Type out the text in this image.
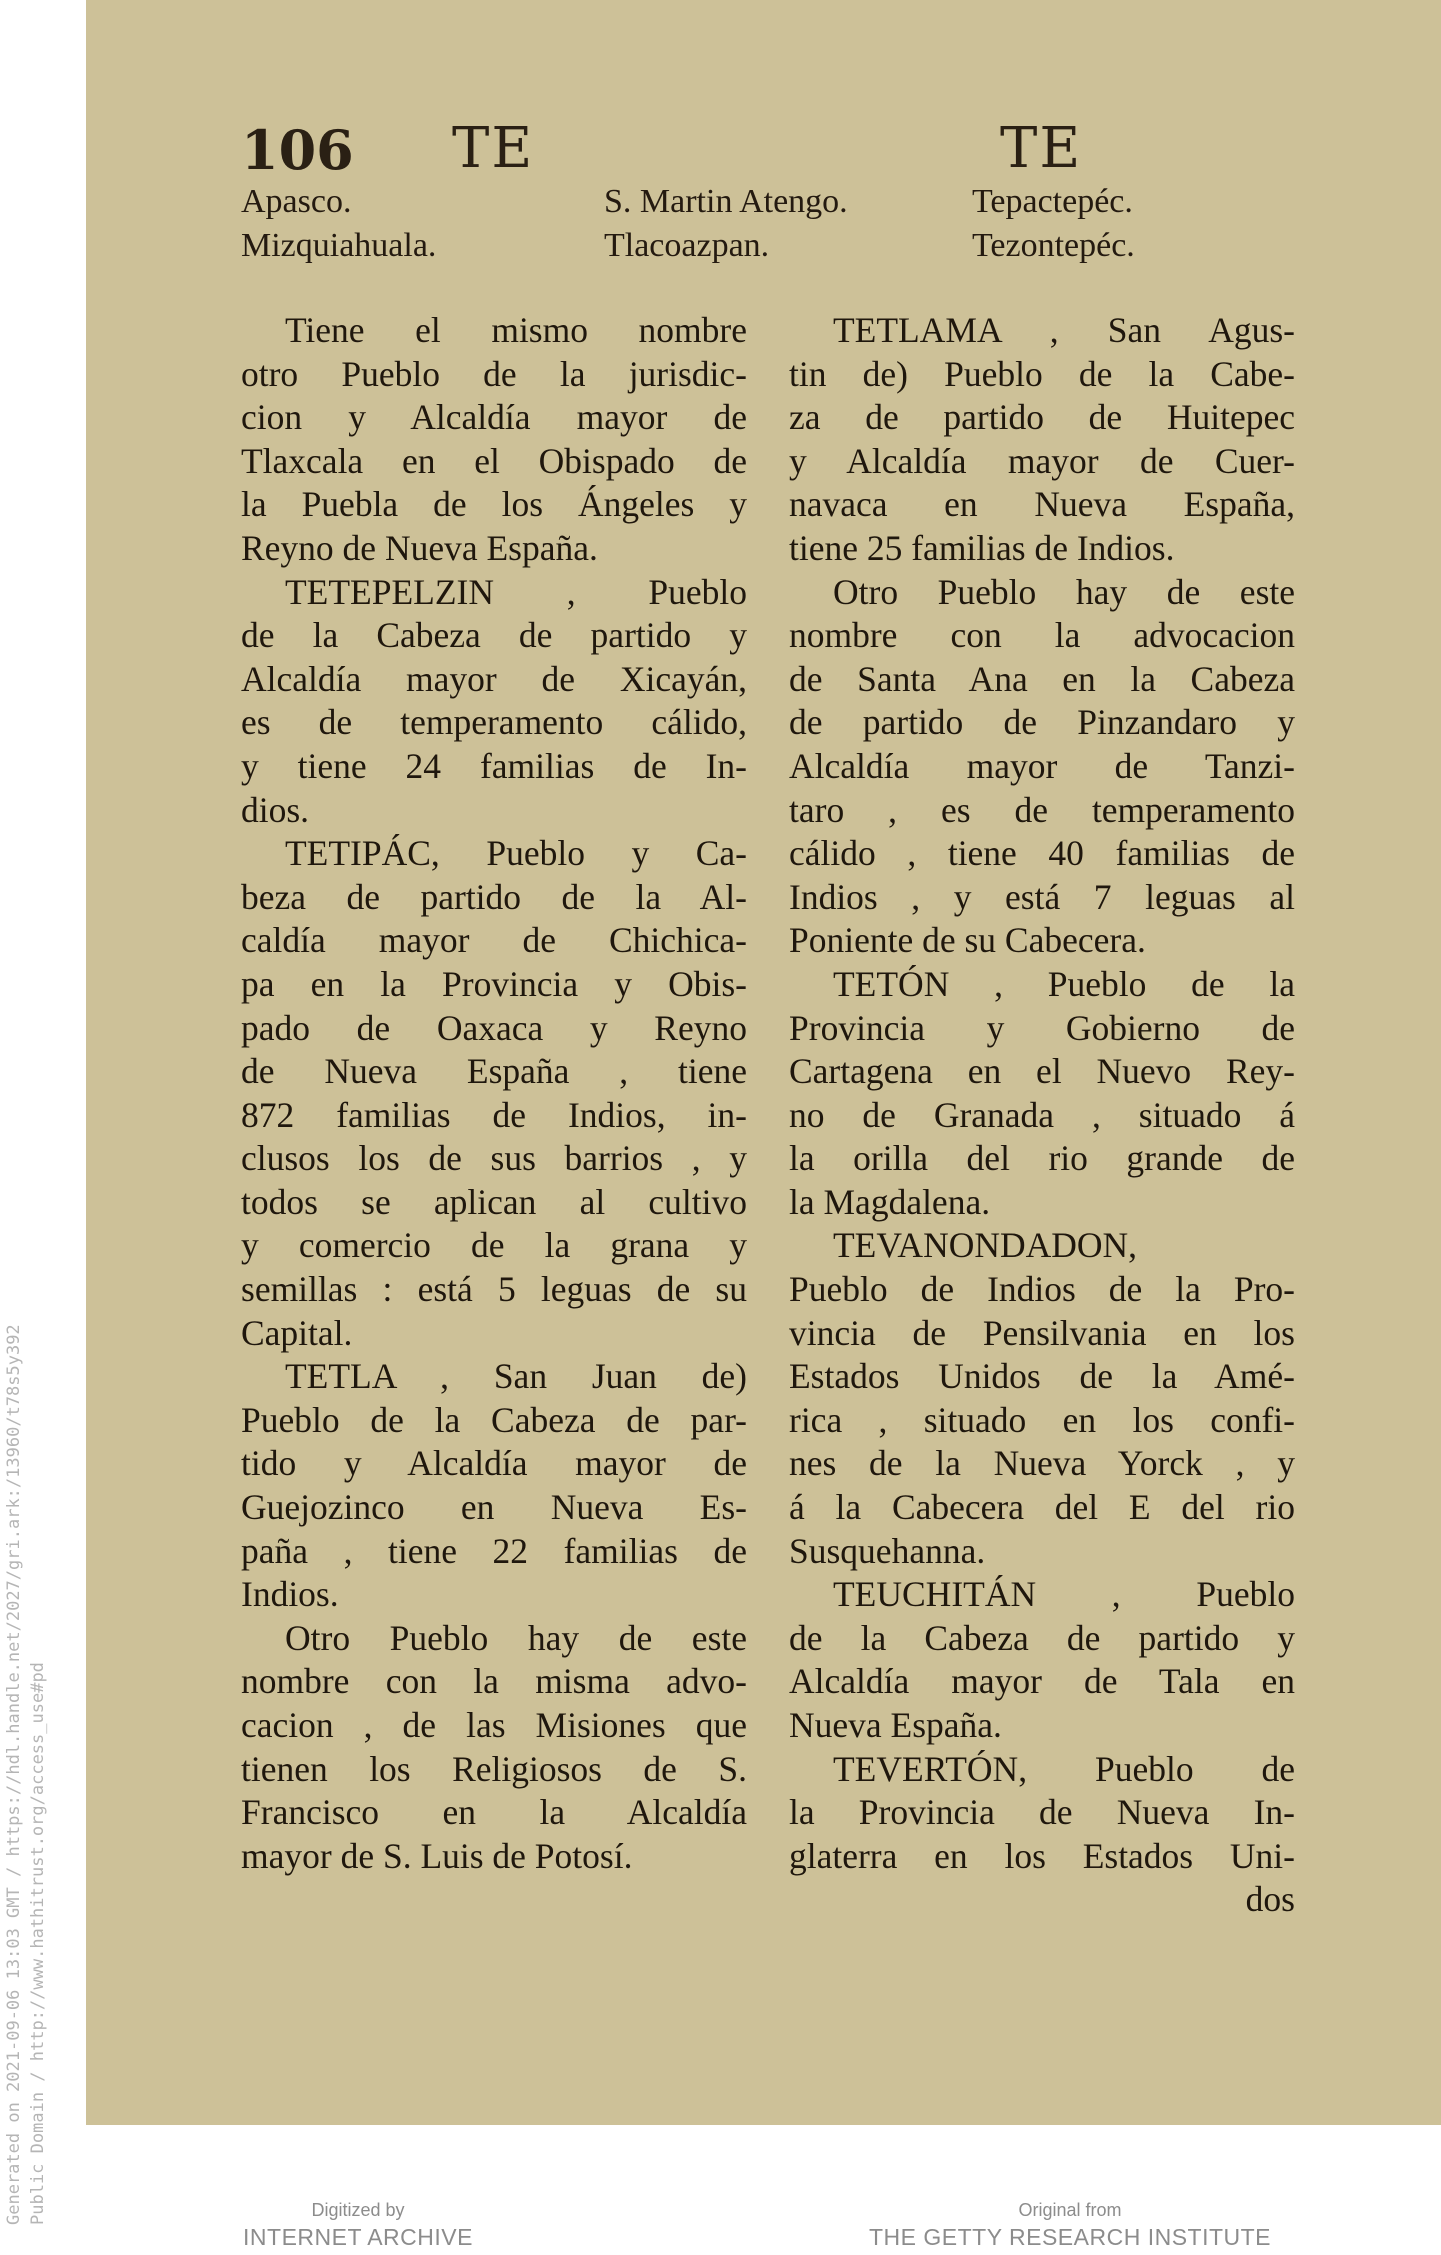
Generated on 2021-09-06 13:03 GMT / https://hdl.handle.net/2027/gri.ark:/13960/t78s5y392 Public Domain / http://www.hathitrust.org/access_use#pd
106 TE	TE
Apasco.	S. Martin Atengo.	Tepactepéc.
Mizquiahuala.	Tlacoazpan.	Tezontepéc.
Tiene el mismo nombre
otro Pueblo de la jurisdic-
cion y Alcaldía mayor de
Tlaxcala en el Obispado de
la Puebla de los Ángeles y
Reyno de Nueva España.
TETEPELZIN , Pueblo
de la Cabeza de partido y
Alcaldía mayor de Xicayán,
es de temperamento cálido,
y tiene 24 familias de In-
dios.
TETIPÁC, Pueblo y Ca-
beza de partido de la Al-
caldía mayor de Chichica-
pa en la Provincia y Obis-
pado de Oaxaca y Reyno
de Nueva España , tiene
872 familias de Indios, in-
clusos los de sus barrios , y
todos se aplican al cultivo
y comercio de la grana y
semillas : está 5 leguas de su
Capital.
TETLA , San Juan de)
Pueblo de la Cabeza de par-
tido y Alcaldía mayor de
Guejozinco en Nueva Es-
paña , tiene 22 familias de
Indios.
Otro Pueblo hay de este
nombre con la misma advo-
cacion , de las Misiones que
tienen los Religiosos de S.
Francisco en la Alcaldía
mayor de S. Luis de Potosí.
TETLAMA , San Agus-
tin de) Pueblo de la Cabe-
za de partido de Huitepec
y Alcaldía mayor de Cuer-
navaca en Nueva España,
tiene 25 familias de Indios.
Otro Pueblo hay de este
nombre con la advocacion
de Santa Ana en la Cabeza
de partido de Pinzandaro y
Alcaldía mayor de Tanzi-
taro , es de temperamento
cálido , tiene 40 familias de
Indios , y está 7 leguas al
Poniente de su Cabecera.
TETÓN , Pueblo de la
Provincia y Gobierno de
Cartagena en el Nuevo Rey-
no de Granada , situado á
la orilla del rio grande de
la Magdalena.
TEVANONDADON,
Pueblo de Indios de la Pro-
vincia de Pensilvania en los
Estados Unidos de la Amé-
rica , situado en los confi-
nes de la Nueva Yorck , y
á la Cabecera del E del rio
Susquehanna.
TEUCHITÁN , Pueblo
de la Cabeza de partido y
Alcaldía mayor de Tala en
Nueva España.
TEVERTÓN, Pueblo de
la Provincia de Nueva In-
glaterra en los Estados Uni-
dos
Digitized by
INTERNET ARCHIVE
Original from
THE GETTY RESEARCH INSTITUTE
